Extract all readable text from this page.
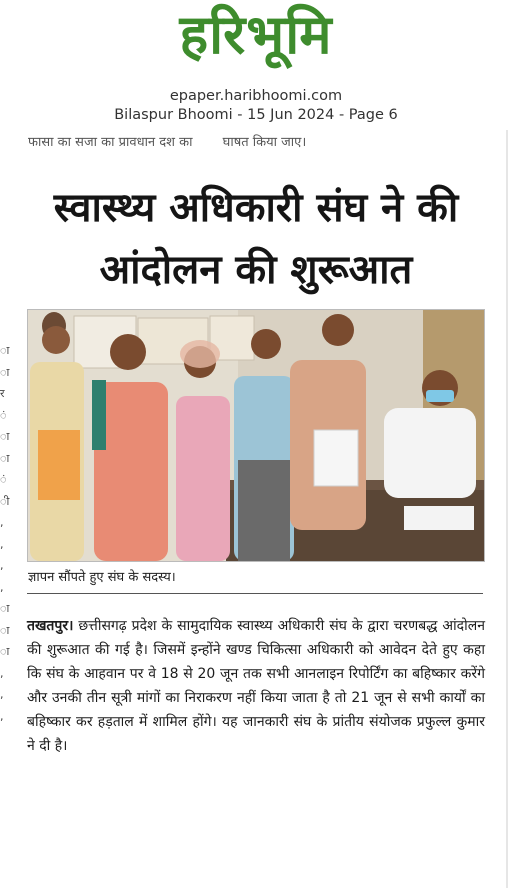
हरिभूमि
epaper.haribhoomi.com
Bilaspur Bhoomi - 15 Jun 2024 - Page 6
फासा का सजा का प्रावधान दश का घाषत किया जाए।
ा
ा
र
ं
ा
ा
ं
ी
,
,
,
,
ा
ा
ा
,
,
,
स्वास्थ्य अधिकारी संघ ने की
आंदोलन की शुरूआत
ज्ञापन सौंपते हुए संघ के सदस्य।
तखतपुर। छत्तीसगढ़ प्रदेश के सामुदायिक स्वास्थ्य अधिकारी संघ के द्वारा चरणबद्ध आंदोलन की शुरूआत की गई है। जिसमें इन्होंने खण्ड चिकित्सा अधिकारी को आवेदन देते हुए कहा कि संघ के आहवान पर वे 18 से 20 जून तक सभी आनलाइन रिपोर्टिंग का बहिष्कार करेंगे और उनकी तीन सूत्री मांगों का निराकरण नहीं किया जाता है तो 21 जून से सभी कार्यों का बहिष्कार कर हड़ताल में शामिल होंगे। यह जानकारी संघ के प्रांतीय संयोजक प्रफुल्ल कुमार ने दी है।
